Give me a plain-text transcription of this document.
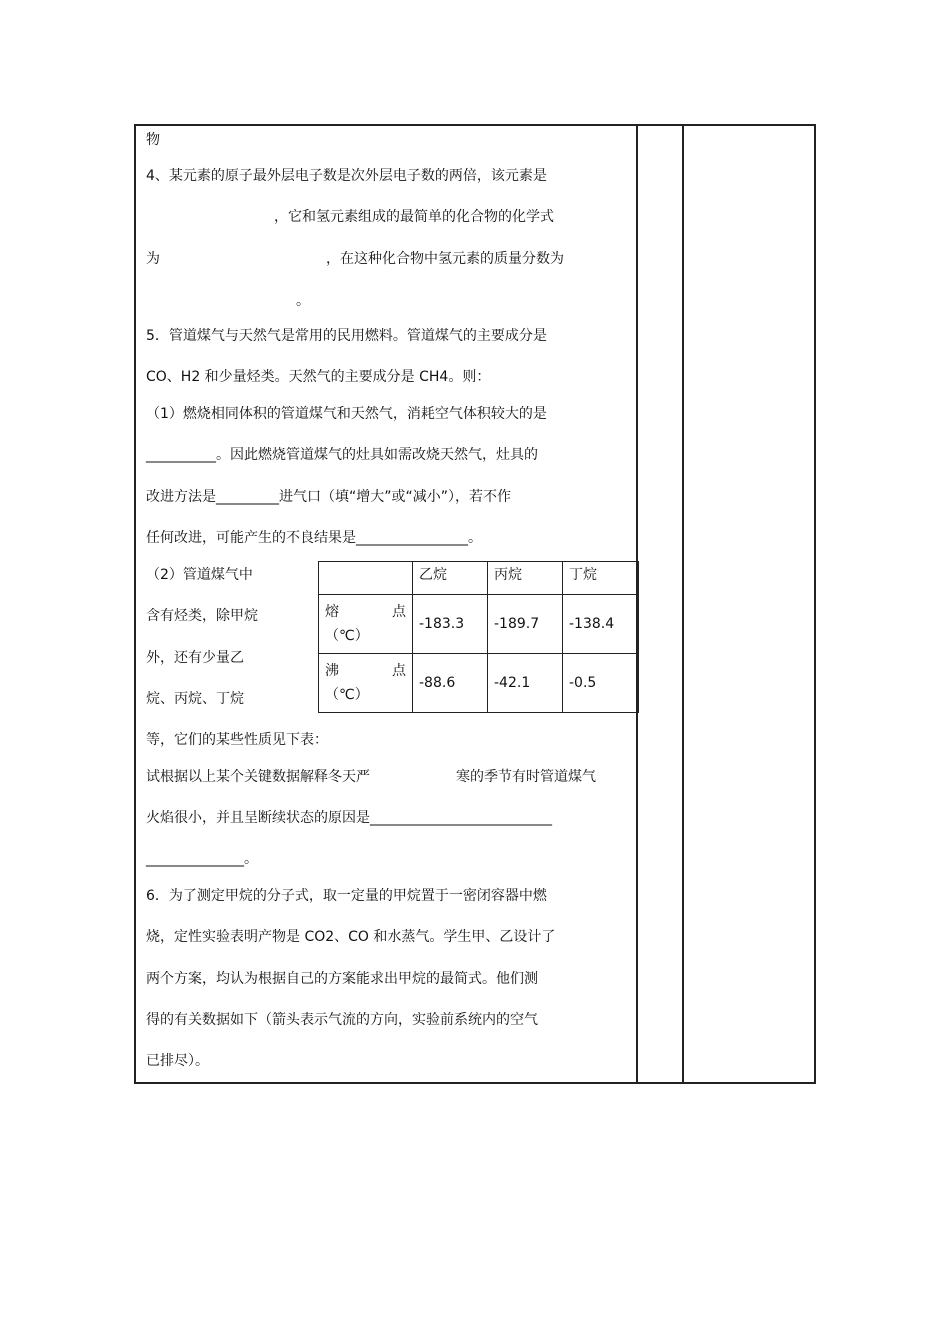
物
4、某元素的原子最外层电子数是次外层电子数的两倍，该元素是
，它和氢元素组成的最简单的化合物的化学式
为	，在这种化合物中氢元素的质量分数为
。
5．管道煤气与天然气是常用的民用燃料。管道煤气的主要成分是
CO、H2 和少量烃类。天然气的主要成分是 CH4。则：
（1）燃烧相同体积的管道煤气和天然气，消耗空气体积较大的是
__________。因此燃烧管道煤气的灶具如需改烧天然气，灶具的
改进方法是_________进气口（填“增大”或“减小”），若不作
任何改进，可能产生的不良结果是________________。
（2）管道煤气中
含有烃类，除甲烷
外，还有少量乙
烷、丙烷、丁烷
	乙烷	丙烷	丁烷

熔 点
（℃）	-183.3	-189.7	-138.4

沸 点
（℃）	-88.6	-42.1	-0.5
等，它们的某些性质见下表：
试根据以上某个关键数据解释冬天严	寒的季节有时管道煤气
火焰很小，并且呈断续状态的原因是__________________________
______________。
6．为了测定甲烷的分子式，取一定量的甲烷置于一密闭容器中燃
烧，定性实验表明产物是 CO2、CO 和水蒸气。学生甲、乙设计了
两个方案，均认为根据自己的方案能求出甲烷的最简式。他们测
得的有关数据如下（箭头表示气流的方向，实验前系统内的空气
已排尽）。
